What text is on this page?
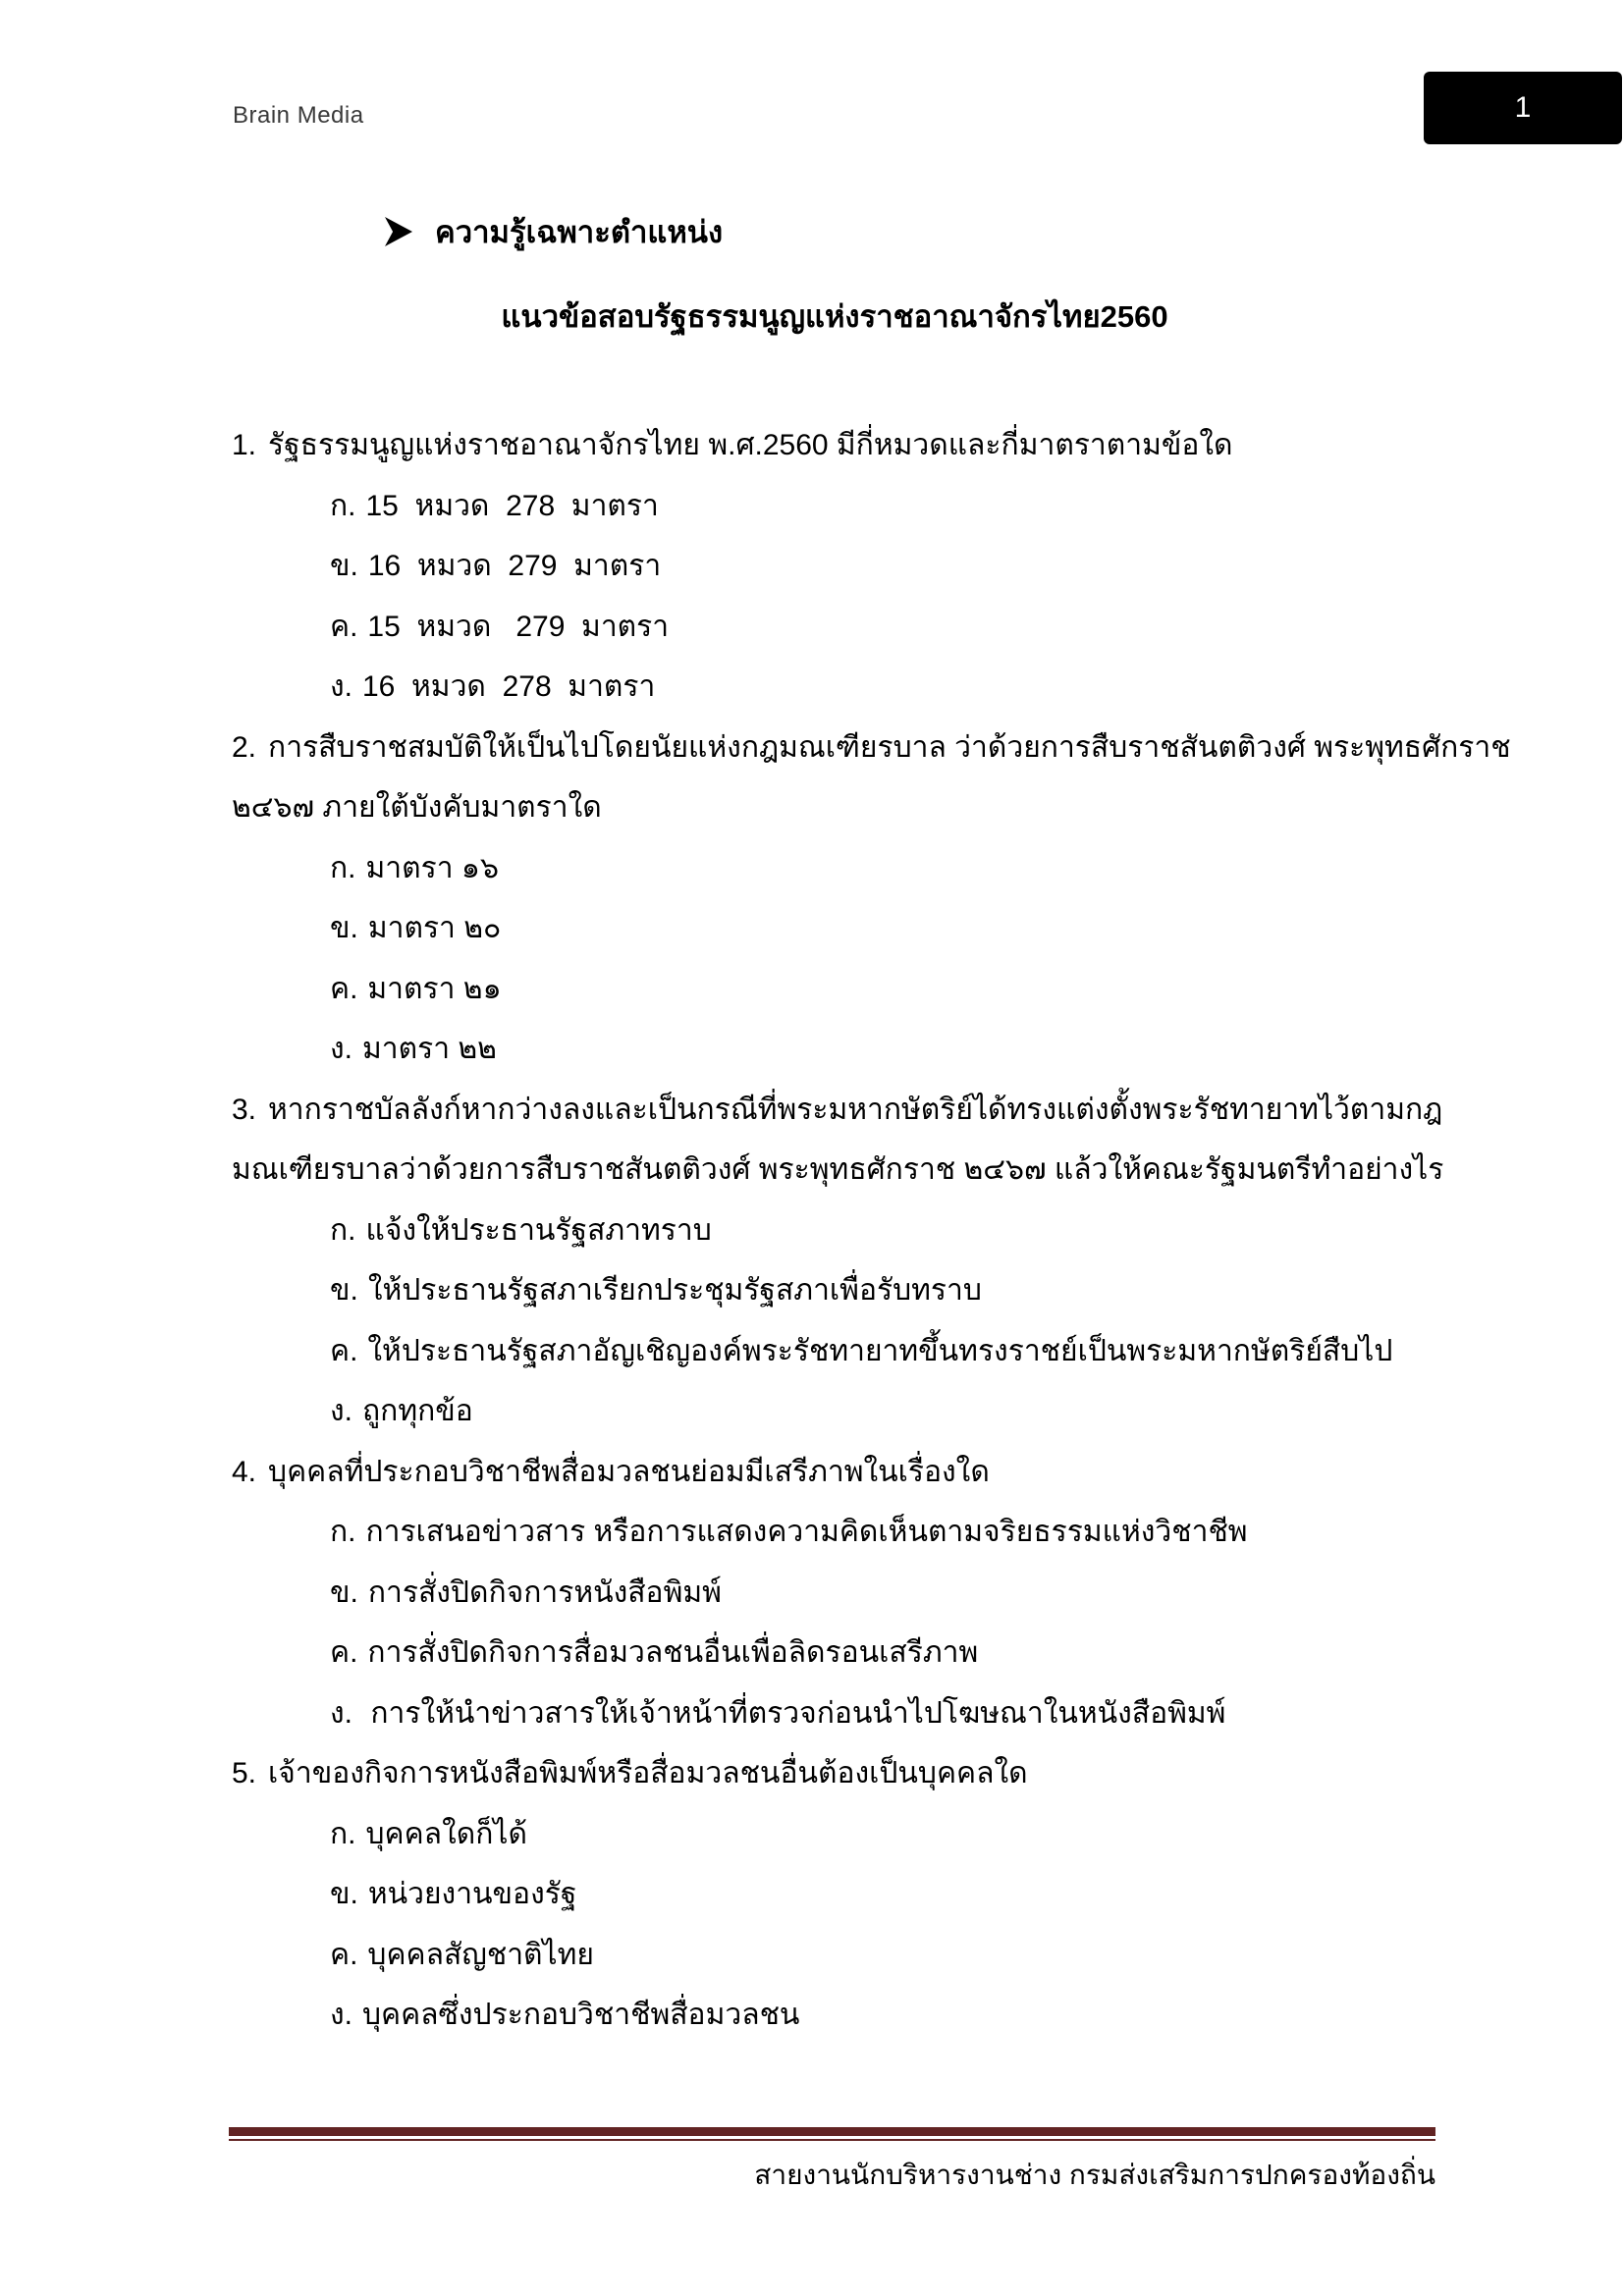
Brain Media	1
ความรู้เฉพาะตำแหน่ง
แนวข้อสอบรัฐธรรมนูญแห่งราชอาณาจักรไทย2560
1. รัฐธรรมนูญแห่งราชอาณาจักรไทย พ.ศ.2560 มีกี่หมวดและกี่มาตราตามข้อใด
ก. 15  หมวด  278  มาตรา
ข. 16  หมวด  279  มาตรา
ค. 15  หมวด   279  มาตรา
ง. 16  หมวด  278  มาตรา
2. การสืบราชสมบัติให้เป็นไปโดยนัยแห่งกฎมณเฑียรบาล ว่าด้วยการสืบราชสันตติวงศ์ พระพุทธศักราช
๒๔๖๗ ภายใต้บังคับมาตราใด
ก. มาตรา ๑๖
ข. มาตรา ๒๐
ค. มาตรา ๒๑
ง. มาตรา ๒๒
3. หากราชบัลลังก์หากว่างลงและเป็นกรณีที่พระมหากษัตริย์ได้ทรงแต่งตั้งพระรัชทายาทไว้ตามกฎ
มณเฑียรบาลว่าด้วยการสืบราชสันตติวงศ์ พระพุทธศักราช ๒๔๖๗ แล้วให้คณะรัฐมนตรีทำอย่างไร
ก. แจ้งให้ประธานรัฐสภาทราบ
ข. ให้ประธานรัฐสภาเรียกประชุมรัฐสภาเพื่อรับทราบ
ค. ให้ประธานรัฐสภาอัญเชิญองค์พระรัชทายาทขึ้นทรงราชย์เป็นพระมหากษัตริย์สืบไป
ง. ถูกทุกข้อ
4. บุคคลที่ประกอบวิชาชีพสื่อมวลชนย่อมมีเสรีภาพในเรื่องใด
ก. การเสนอข่าวสาร หรือการแสดงความคิดเห็นตามจริยธรรมแห่งวิชาชีพ
ข. การสั่งปิดกิจการหนังสือพิมพ์
ค. การสั่งปิดกิจการสื่อมวลชนอื่นเพื่อลิดรอนเสรีภาพ
ง. การให้นำข่าวสารให้เจ้าหน้าที่ตรวจก่อนนำไปโฆษณาในหนังสือพิมพ์
5. เจ้าของกิจการหนังสือพิมพ์หรือสื่อมวลชนอื่นต้องเป็นบุคคลใด
ก. บุคคลใดก็ได้
ข. หน่วยงานของรัฐ
ค. บุคคลสัญชาติไทย
ง. บุคคลซึ่งประกอบวิชาชีพสื่อมวลชน
สายงานนักบริหารงานช่าง กรมส่งเสริมการปกครองท้องถิ่น
